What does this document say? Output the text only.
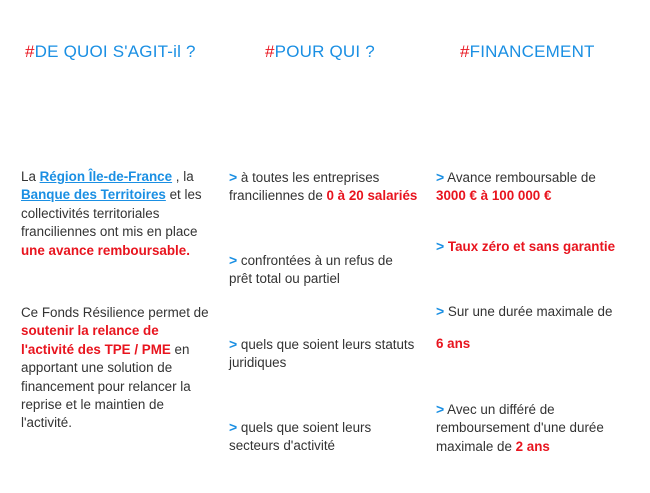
#DE QUOI S'AGIT-il ?	#POUR QUI ?	#FINANCEMENT

La Région Île-de-France , la Banque des Territoires et les collectivités territoriales franciliennes ont mis en place une avance remboursable.

Ce Fonds Résilience permet de soutenir la relance de l'activité des TPE / PME en apportant une solution de financement pour relancer la reprise et le maintien de l'activité.

> à toutes les entreprises franciliennes de 0 à 20 salariés

> confrontées à un refus de prêt total ou partiel

> quels que soient leurs statuts juridiques

> quels que soient leurs secteurs d'activité

> Avance remboursable de 3000 € à 100 000 €

> Taux zéro et sans garantie

> Sur une durée maximale de
6 ans

> Avec un différé de remboursement d'une durée maximale de 2 ans
